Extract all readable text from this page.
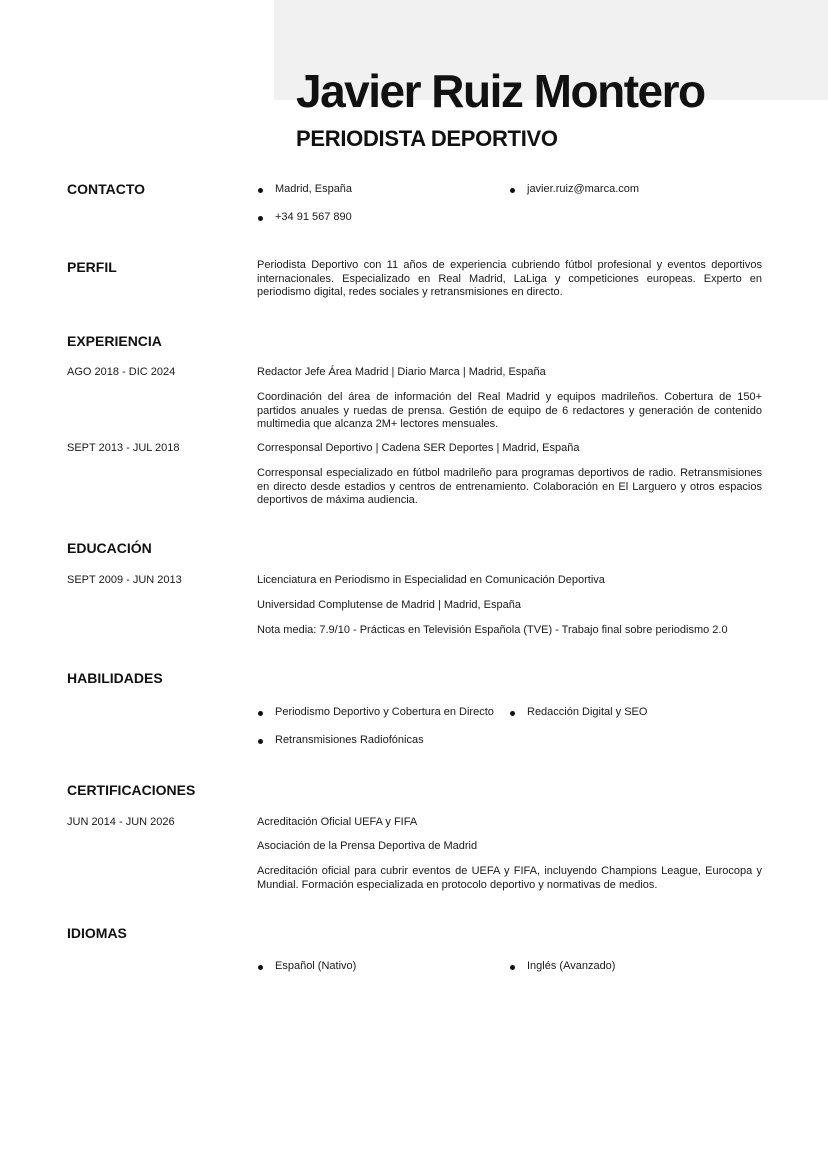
Javier Ruiz Montero
PERIODISTA DEPORTIVO
CONTACTO	Madrid, España	javier.ruiz@marca.com
+34 91 567 890
PERFIL	Periodista Deportivo con 11 años de experiencia cubriendo fútbol profesional y eventos deportivos internacionales. Especializado en Real Madrid, LaLiga y competiciones europeas. Experto en periodismo digital, redes sociales y retransmisiones en directo.

EXPERIENCIA
AGO 2018 - DIC 2024	Redactor Jefe Área Madrid | Diario Marca | Madrid, España

Coordinación del área de información del Real Madrid y equipos madrileños. Cobertura de 150+ partidos anuales y ruedas de prensa. Gestión de equipo de 6 redactores y generación de contenido multimedia que alcanza 2M+ lectores mensuales.

SEPT 2013 - JUL 2018	Corresponsal Deportivo | Cadena SER Deportes | Madrid, España

Corresponsal especializado en fútbol madrileño para programas deportivos de radio. Retransmisiones en directo desde estadios y centros de entrenamiento. Colaboración en El Larguero y otros espacios deportivos de máxima audiencia.

EDUCACIÓN
SEPT 2009 - JUN 2013	Licenciatura en Periodismo in Especialidad en Comunicación Deportiva
Universidad Complutense de Madrid | Madrid, España
Nota media: 7.9/10 - Prácticas en Televisión Española (TVE) - Trabajo final sobre periodismo 2.0
HABILIDADES
Periodismo Deportivo y Cobertura en Directo	Redacción Digital y SEO
Retransmisiones Radiofónicas
CERTIFICACIONES
JUN 2014 - JUN 2026	Acreditación Oficial UEFA y FIFA
Asociación de la Prensa Deportiva de Madrid

Acreditación oficial para cubrir eventos de UEFA y FIFA, incluyendo Champions League, Eurocopa y Mundial. Formación especializada en protocolo deportivo y normativas de medios.

IDIOMAS
Español (Nativo)	Inglés (Avanzado)
